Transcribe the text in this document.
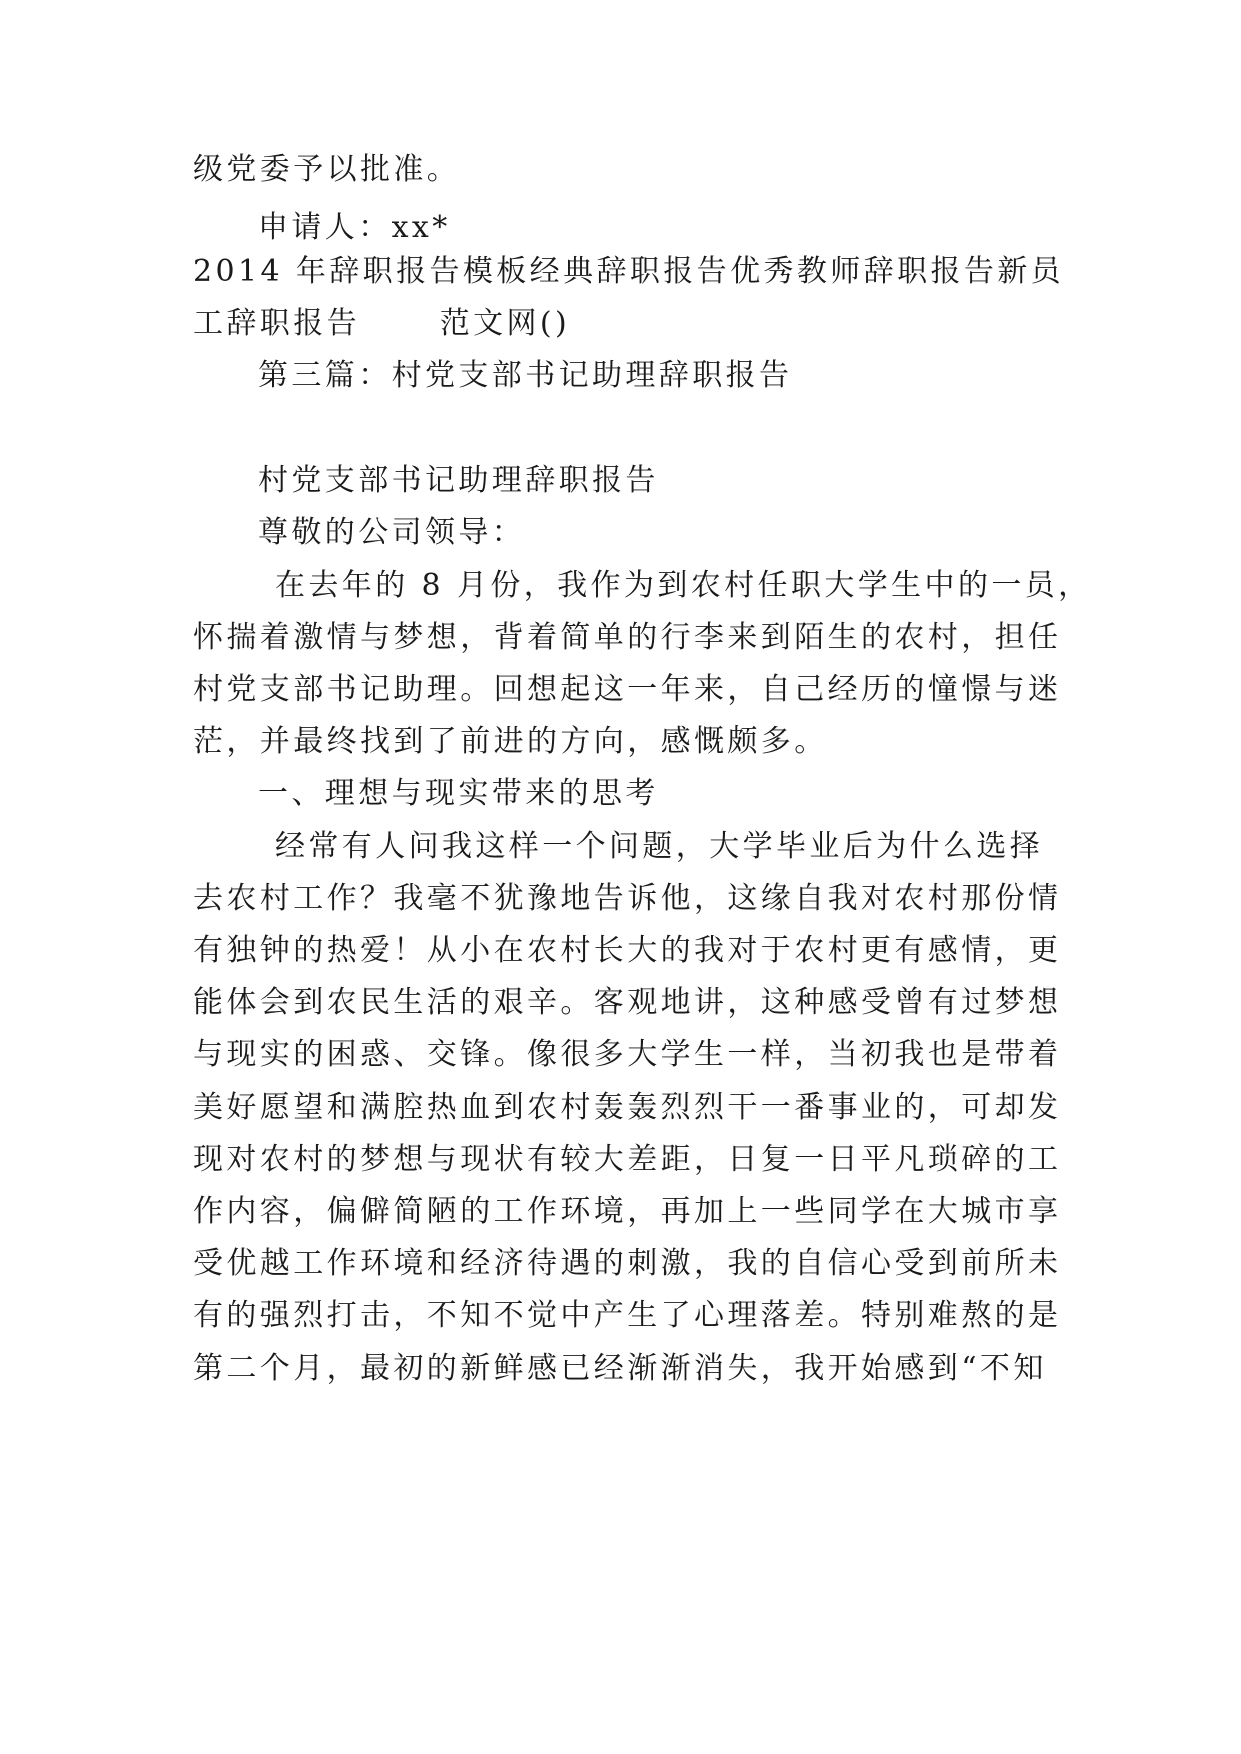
级党委予以批准。
申请人：xx*
2014 年辞职报告模板经典辞职报告优秀教师辞职报告新员
工辞职报告　　 范文网()
第三篇：村党支部书记助理辞职报告
村党支部书记助理辞职报告
尊敬的公司领导：
在去年的 8 月份，我作为到农村任职大学生中的一员，
怀揣着激情与梦想，背着简单的行李来到陌生的农村，担任
村党支部书记助理。回想起这一年来，自己经历的憧憬与迷
茫，并最终找到了前进的方向，感慨颇多。
一、理想与现实带来的思考
经常有人问我这样一个问题，大学毕业后为什么选择
去农村工作？我毫不犹豫地告诉他，这缘自我对农村那份情
有独钟的热爱！从小在农村长大的我对于农村更有感情，更
能体会到农民生活的艰辛。客观地讲，这种感受曾有过梦想
与现实的困惑、交锋。像很多大学生一样，当初我也是带着
美好愿望和满腔热血到农村轰轰烈烈干一番事业的，可却发
现对农村的梦想与现状有较大差距，日复一日平凡琐碎的工
作内容，偏僻简陋的工作环境，再加上一些同学在大城市享
受优越工作环境和经济待遇的刺激，我的自信心受到前所未
有的强烈打击，不知不觉中产生了心理落差。特别难熬的是
第二个月，最初的新鲜感已经渐渐消失，我开始感到“不知
